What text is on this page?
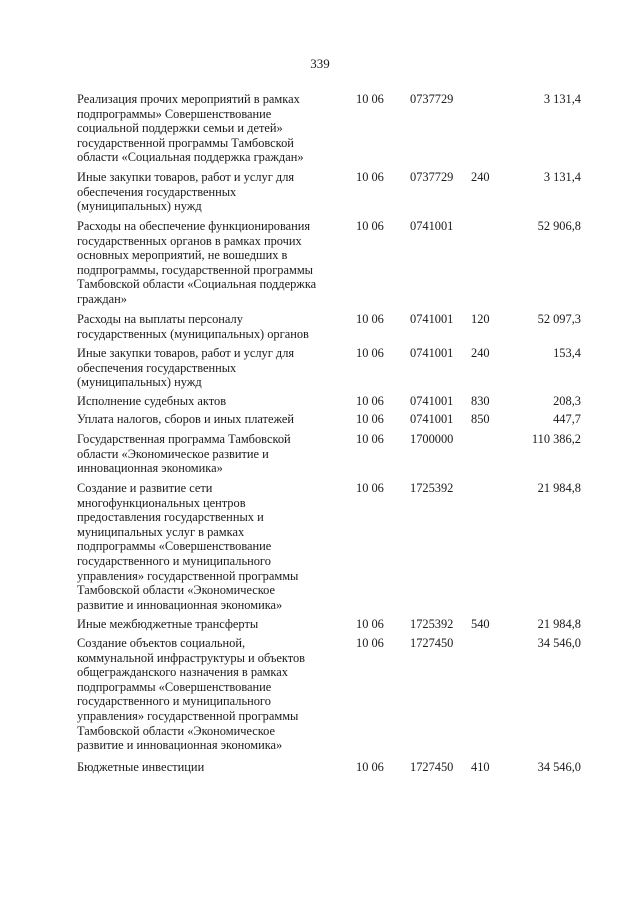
339
Реализация прочих мероприятий в рамках
подпрограммы» Совершенствование
социальной поддержки семьи и детей»
государственной программы Тамбовской
области «Социальная поддержка граждан»
10 06 0737729	3 131,4
Иные закупки товаров, работ и услуг для
обеспечения государственных
(муниципальных) нужд
10 06 0737729 240	3 131,4
Расходы на обеспечение функционирования
государственных органов в рамках прочих
основных мероприятий, не вошедших в
подпрограммы, государственной программы
Тамбовской области «Социальная поддержка
граждан»
10 06 0741001	52 906,8
Расходы на выплаты персоналу
государственных (муниципальных) органов
10 06 0741001 120	52 097,3
Иные закупки товаров, работ и услуг для
обеспечения государственных
(муниципальных) нужд
10 06 0741001 240	153,4
Исполнение судебных актов	10 06 0741001 830	208,3
Уплата налогов, сборов и иных платежей	10 06 0741001 850	447,7
Государственная программа Тамбовской
области «Экономическое развитие и
инновационная экономика»
10 06 1700000	110 386,2
Создание и развитие сети
многофункциональных центров
предоставления государственных и
муниципальных услуг в рамках
подпрограммы «Совершенствование
государственного и муниципального
управления» государственной программы
Тамбовской области «Экономическое
развитие и инновационная экономика»
10 06 1725392	21 984,8
Иные межбюджетные трансферты	10 06 1725392 540	21 984,8
Создание объектов социальной,
коммунальной инфраструктуры и объектов
общегражданского назначения в рамках
подпрограммы «Совершенствование
государственного и муниципального
управления» государственной программы
Тамбовской области «Экономическое
развитие и инновационная экономика»
10 06 1727450	34 546,0
Бюджетные инвестиции	10 06 1727450 410	34 546,0
